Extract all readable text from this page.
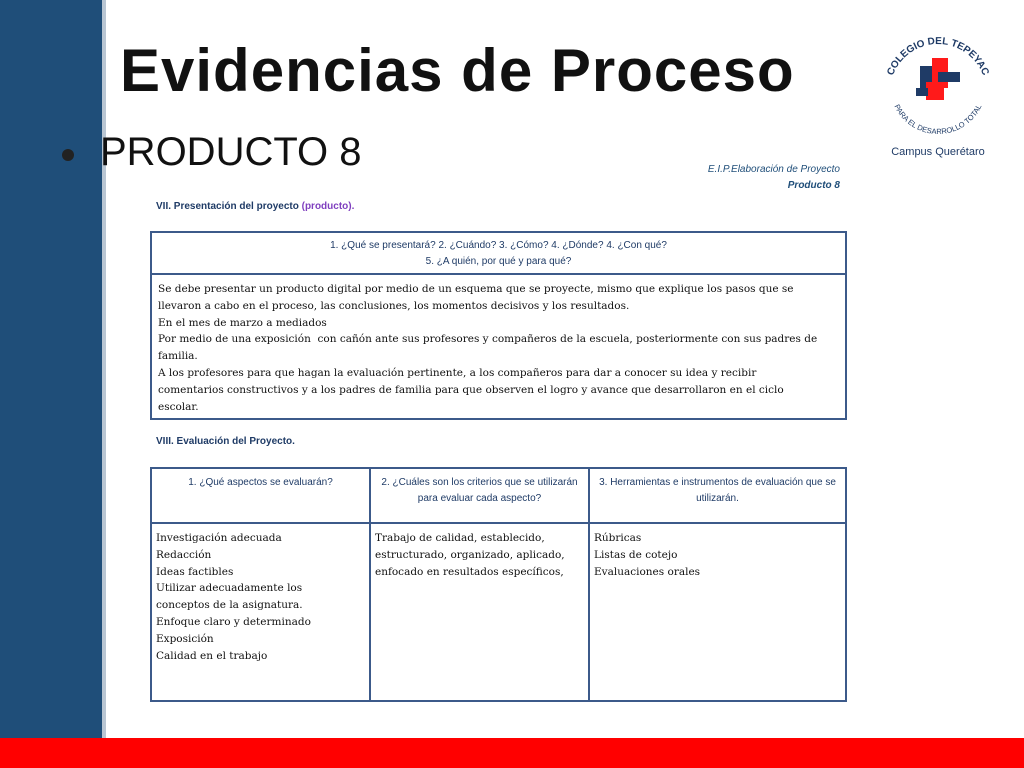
Evidencias de Proceso
PRODUCTO 8
COLEGIO DEL TEPEYAC
PARA EL DESARROLLO TOTAL
Campus Querétaro
E.I.P.Elaboración de Proyecto
Producto 8
VII. Presentación del proyecto (producto).
1. ¿Qué se presentará? 2. ¿Cuándo? 3. ¿Cómo? 4. ¿Dónde? 4. ¿Con qué?
5. ¿A quién, por qué y para qué?
Se debe presentar un producto digital por medio de un esquema que se proyecte, mismo que explique los pasos que se
llevaron a cabo en el proceso, las conclusiones, los momentos decisivos y los resultados.
En el mes de marzo a mediados
Por medio de una exposición  con cañón ante sus profesores y compañeros de la escuela, posteriormente con sus padres de
familia.
A los profesores para que hagan la evaluación pertinente, a los compañeros para dar a conocer su idea y recibir
comentarios constructivos y a los padres de familia para que observen el logro y avance que desarrollaron en el ciclo
escolar.
VIII. Evaluación del Proyecto.
1. ¿Qué aspectos se evaluarán?	2. ¿Cuáles son los criterios que se utilizarán para evaluar cada aspecto?
3. Herramientas e instrumentos de evaluación que se utilizarán.
Investigación adecuada
Redacción
Ideas factibles
Utilizar adecuadamente los
conceptos de la asignatura.
Enfoque claro y determinado
Exposición
Calidad en el trabajo
Trabajo de calidad, establecido,
estructurado, organizado, aplicado,
enfocado en resultados específicos,
Rúbricas
Listas de cotejo
Evaluaciones orales
